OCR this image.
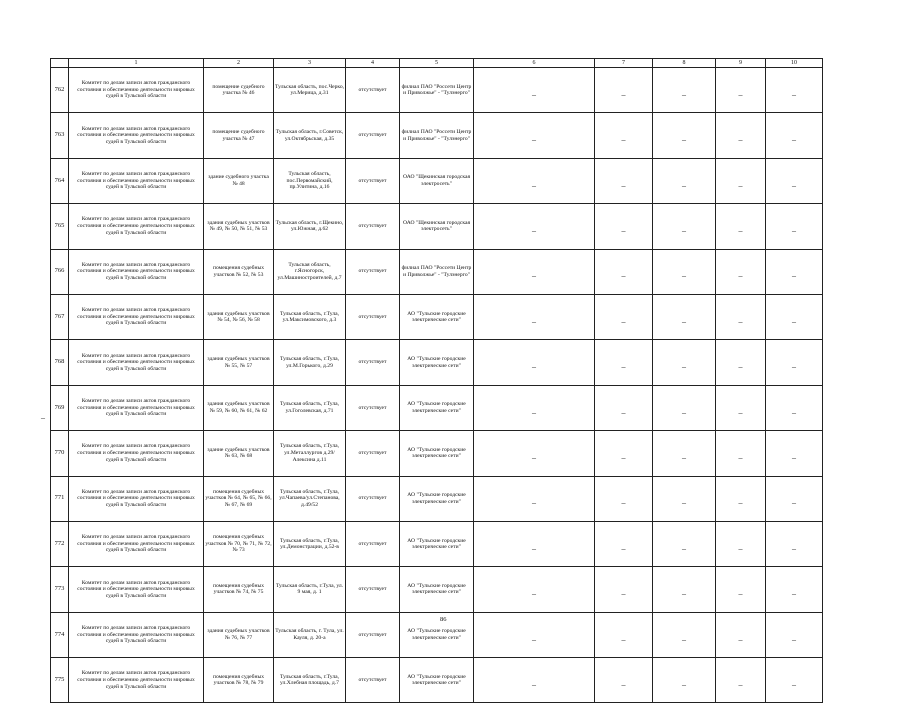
	1	2	3	4	5	6	7	8	9	10	
762	Комитет по делам записи актов гражданского состояния и обеспечению деятельности мировых судей в Тульской области	помещение судебного участка № 46	Тульская область, пос.Черко, ул.Мерица, д.31	отсутствует	филиал ПАО "Россети Центр и Приволжье" - "Тулэнерго"	–	–	–	–	–	
763	Комитет по делам записи актов гражданского состояния и обеспечению деятельности мировых судей в Тульской области	помещение судебного участка № 47	Тульская область, г.Советск, ул.Октябрьская, д.35	отсутствует	филиал ПАО "Россети Центр и Приволжье" - "Тулэнерго"	–	–	–	–	–	
764	Комитет по делам записи актов гражданского состояния и обеспечению деятельности мировых судей в Тульской области	здание судебного участка № 48	Тульская область, пос.Первомайский, пр.Улитина, д.16	отсутствует	ОАО "Щекинская городская электросеть"	–	–	–	–	–	
765	Комитет по делам записи актов гражданского состояния и обеспечению деятельности мировых судей в Тульской области	здания судебных участков № 49, № 50, № 51, № 53	Тульская область, г.Щекино, ул.Южная, д.62	отсутствует	ОАО "Щекинская городская электросеть"	–	–	–	–	–	
766	Комитет по делам записи актов гражданского состояния и обеспечению деятельности мировых судей в Тульской области	помещения судебных участков № 52, № 53	Тульская область, г.Ясногорск, ул.Машиностроителей, д.7	отсутствует	филиал ПАО "Россети Центр и Приволжье" - "Тулэнерго"	–	–	–	–	–	
767	Комитет по делам записи актов гражданского состояния и обеспечению деятельности мировых судей в Тульской области	здания судебных участков № 54, № 56, № 58	Тульская область, г.Тула, ул.Максимовского, д.3	отсутствует	АО "Тульские городские электрические сети"	–	–	–	–	–	
768	Комитет по делам записи актов гражданского состояния и обеспечению деятельности мировых судей в Тульской области	здания судебных участков № 55, № 57	Тульская область, г.Тула, ул.М.Горького, д.29	отсутствует	АО "Тульские городские электрические сети"	–	–	–	–	–	
769	Комитет по делам записи актов гражданского состояния и обеспечению деятельности мировых судей в Тульской области	здания судебных участков № 59, № 60, № 61, № 62	Тульская область, г.Тула, ул.Гоголевская, д.71	отсутствует	АО "Тульские городские электрические сети"	–	–	–	–	–	
770	Комитет по делам записи актов гражданского состояния и обеспечению деятельности мировых судей в Тульской области	здание судебных участков № 63, № 68	Тульская область, г.Тула, ул.Металлургов д.29/Алексина д.11	отсутствует	АО "Тульские городские электрические сети"	–	–	–	–	–	
771	Комитет по делам записи актов гражданского состояния и обеспечению деятельности мировых судей в Тульской области	помещения судебных участков № 64, № 65, № 66, № 67, № 69	Тульская область, г.Тула, ул.Чапаева/ул.Степанова, д.49/52	отсутствует	АО "Тульские городские электрические сети"	–	–	–	–	–	
772	Комитет по делам записи актов гражданского состояния и обеспечению деятельности мировых судей в Тульской области	помещения судебных участков № 70, № 71, № 72, № 73	Тульская область, г.Тула, ул.Демонстрации, д.52-в	отсутствует	АО "Тульские городские электрические сети"	–	–	–	–	–	
773	Комитет по делам записи актов гражданского состояния и обеспечению деятельности мировых судей в Тульской области	помещения судебных участков № 74, № 75	Тульская область, г.Тула, ул. 9 мая, д. 1	отсутствует	АО "Тульские городские электрические сети"	–	–	–	–	–	
774	Комитет по делам записи актов гражданского состояния и обеспечению деятельности мировых судей в Тульской области	здания судебных участков № 76, № 77	Тульская область, г. Тула, ул. Кауля, д. 20-а	отсутствует	АО "Тульские городские электрические сети"	–	–	–	–	–	
775	Комитет по делам записи актов гражданского состояния и обеспечению деятельности мировых судей в Тульской области	помещения судебных участков № 78, № 79	Тульская область, г.Тула, ул.Хлебная площадь, д.7	отсутствует	АО "Тульские городские электрические сети"	–	–	–	–	–	
–
86
